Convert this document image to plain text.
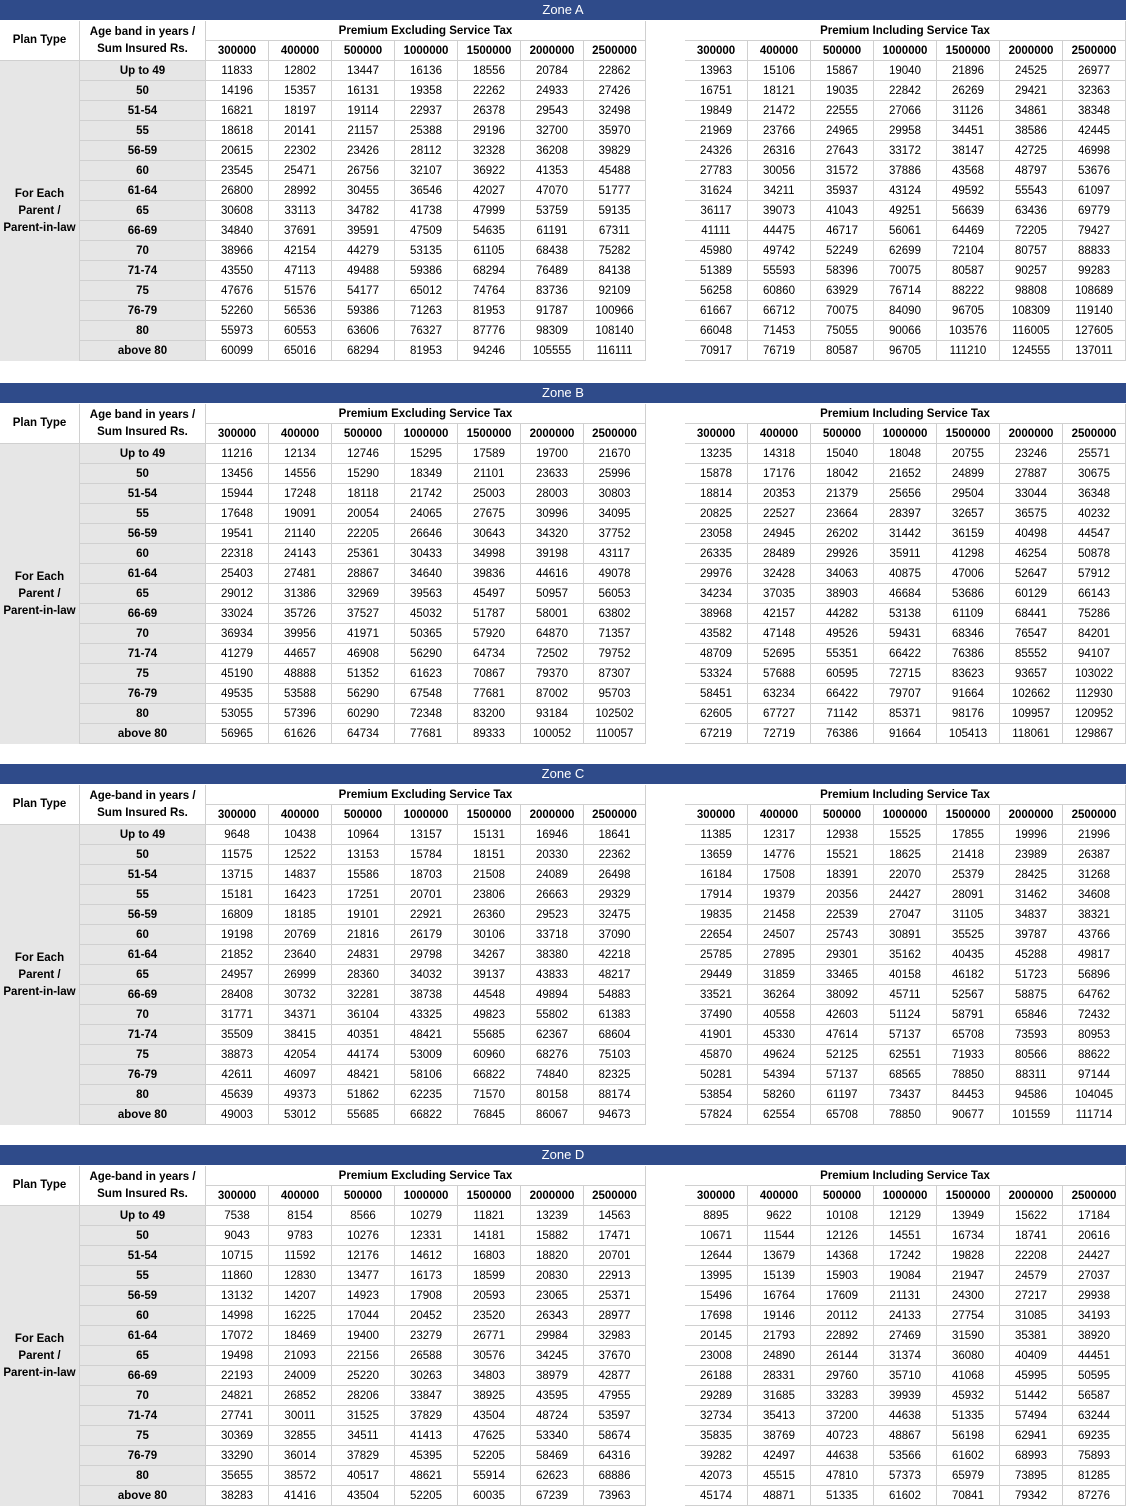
Zone A
Plan Type
Age band in years /
Sum Insured Rs.
Premium Excluding Service Tax	Premium Including Service Tax
300000	400000	500000	1000000	1500000	2000000	2500000	300000	400000	500000	1000000	1500000	2000000	2500000
For Each Parent / Parent-in-law
Up to 49	11833	12802	13447	16136	18556	20784	22862	13963	15106	15867	19040	21896	24525	26977
50	14196	15357	16131	19358	22262	24933	27426	16751	18121	19035	22842	26269	29421	32363
51-54	16821	18197	19114	22937	26378	29543	32498	19849	21472	22555	27066	31126	34861	38348
55	18618	20141	21157	25388	29196	32700	35970	21969	23766	24965	29958	34451	38586	42445
56-59	20615	22302	23426	28112	32328	36208	39829	24326	26316	27643	33172	38147	42725	46998
60	23545	25471	26756	32107	36922	41353	45488	27783	30056	31572	37886	43568	48797	53676
61-64	26800	28992	30455	36546	42027	47070	51777	31624	34211	35937	43124	49592	55543	61097
65	30608	33113	34782	41738	47999	53759	59135	36117	39073	41043	49251	56639	63436	69779
66-69	34840	37691	39591	47509	54635	61191	67311	41111	44475	46717	56061	64469	72205	79427
70	38966	42154	44279	53135	61105	68438	75282	45980	49742	52249	62699	72104	80757	88833
71-74	43550	47113	49488	59386	68294	76489	84138	51389	55593	58396	70075	80587	90257	99283
75	47676	51576	54177	65012	74764	83736	92109	56258	60860	63929	76714	88222	98808	108689
76-79	52260	56536	59386	71263	81953	91787	100966	61667	66712	70075	84090	96705	108309	119140
80	55973	60553	63606	76327	87776	98309	108140	66048	71453	75055	90066	103576	116005	127605
above 80	60099	65016	68294	81953	94246	105555	116111	70917	76719	80587	96705	111210	124555	137011
Zone B
Plan Type
Age band in years /
Sum Insured Rs.
Premium Excluding Service Tax	Premium Including Service Tax
300000	400000	500000	1000000	1500000	2000000	2500000	300000	400000	500000	1000000	1500000	2000000	2500000
For Each Parent / Parent-in-law
Up to 49	11216	12134	12746	15295	17589	19700	21670	13235	14318	15040	18048	20755	23246	25571
50	13456	14556	15290	18349	21101	23633	25996	15878	17176	18042	21652	24899	27887	30675
51-54	15944	17248	18118	21742	25003	28003	30803	18814	20353	21379	25656	29504	33044	36348
55	17648	19091	20054	24065	27675	30996	34095	20825	22527	23664	28397	32657	36575	40232
56-59	19541	21140	22205	26646	30643	34320	37752	23058	24945	26202	31442	36159	40498	44547
60	22318	24143	25361	30433	34998	39198	43117	26335	28489	29926	35911	41298	46254	50878
61-64	25403	27481	28867	34640	39836	44616	49078	29976	32428	34063	40875	47006	52647	57912
65	29012	31386	32969	39563	45497	50957	56053	34234	37035	38903	46684	53686	60129	66143
66-69	33024	35726	37527	45032	51787	58001	63802	38968	42157	44282	53138	61109	68441	75286
70	36934	39956	41971	50365	57920	64870	71357	43582	47148	49526	59431	68346	76547	84201
71-74	41279	44657	46908	56290	64734	72502	79752	48709	52695	55351	66422	76386	85552	94107
75	45190	48888	51352	61623	70867	79370	87307	53324	57688	60595	72715	83623	93657	103022
76-79	49535	53588	56290	67548	77681	87002	95703	58451	63234	66422	79707	91664	102662	112930
80	53055	57396	60290	72348	83200	93184	102502	62605	67727	71142	85371	98176	109957	120952
above 80	56965	61626	64734	77681	89333	100052	110057	67219	72719	76386	91664	105413	118061	129867
Zone C
Plan Type
Age-band in years /
Sum Insured Rs.
Premium Excluding Service Tax	Premium Including Service Tax
300000	400000	500000	1000000	1500000	2000000	2500000	300000	400000	500000	1000000	1500000	2000000	2500000
For Each Parent / Parent-in-law
Up to 49	9648	10438	10964	13157	15131	16946	18641	11385	12317	12938	15525	17855	19996	21996
50	11575	12522	13153	15784	18151	20330	22362	13659	14776	15521	18625	21418	23989	26387
51-54	13715	14837	15586	18703	21508	24089	26498	16184	17508	18391	22070	25379	28425	31268
55	15181	16423	17251	20701	23806	26663	29329	17914	19379	20356	24427	28091	31462	34608
56-59	16809	18185	19101	22921	26360	29523	32475	19835	21458	22539	27047	31105	34837	38321
60	19198	20769	21816	26179	30106	33718	37090	22654	24507	25743	30891	35525	39787	43766
61-64	21852	23640	24831	29798	34267	38380	42218	25785	27895	29301	35162	40435	45288	49817
65	24957	26999	28360	34032	39137	43833	48217	29449	31859	33465	40158	46182	51723	56896
66-69	28408	30732	32281	38738	44548	49894	54883	33521	36264	38092	45711	52567	58875	64762
70	31771	34371	36104	43325	49823	55802	61383	37490	40558	42603	51124	58791	65846	72432
71-74	35509	38415	40351	48421	55685	62367	68604	41901	45330	47614	57137	65708	73593	80953
75	38873	42054	44174	53009	60960	68276	75103	45870	49624	52125	62551	71933	80566	88622
76-79	42611	46097	48421	58106	66822	74840	82325	50281	54394	57137	68565	78850	88311	97144
80	45639	49373	51862	62235	71570	80158	88174	53854	58260	61197	73437	84453	94586	104045
above 80	49003	53012	55685	66822	76845	86067	94673	57824	62554	65708	78850	90677	101559	111714
Zone D
Plan Type
Age-band in years /
Sum Insured Rs.
Premium Excluding Service Tax	Premium Including Service Tax
300000	400000	500000	1000000	1500000	2000000	2500000	300000	400000	500000	1000000	1500000	2000000	2500000
For Each Parent / Parent-in-law
Up to 49	7538	8154	8566	10279	11821	13239	14563	8895	9622	10108	12129	13949	15622	17184
50	9043	9783	10276	12331	14181	15882	17471	10671	11544	12126	14551	16734	18741	20616
51-54	10715	11592	12176	14612	16803	18820	20701	12644	13679	14368	17242	19828	22208	24427
55	11860	12830	13477	16173	18599	20830	22913	13995	15139	15903	19084	21947	24579	27037
56-59	13132	14207	14923	17908	20593	23065	25371	15496	16764	17609	21131	24300	27217	29938
60	14998	16225	17044	20452	23520	26343	28977	17698	19146	20112	24133	27754	31085	34193
61-64	17072	18469	19400	23279	26771	29984	32983	20145	21793	22892	27469	31590	35381	38920
65	19498	21093	22156	26588	30576	34245	37670	23008	24890	26144	31374	36080	40409	44451
66-69	22193	24009	25220	30263	34803	38979	42877	26188	28331	29760	35710	41068	45995	50595
70	24821	26852	28206	33847	38925	43595	47955	29289	31685	33283	39939	45932	51442	56587
71-74	27741	30011	31525	37829	43504	48724	53597	32734	35413	37200	44638	51335	57494	63244
75	30369	32855	34511	41413	47625	53340	58674	35835	38769	40723	48867	56198	62941	69235
76-79	33290	36014	37829	45395	52205	58469	64316	39282	42497	44638	53566	61602	68993	75893
80	35655	38572	40517	48621	55914	62623	68886	42073	45515	47810	57373	65979	73895	81285
above 80	38283	41416	43504	52205	60035	67239	73963	45174	48871	51335	61602	70841	79342	87276
